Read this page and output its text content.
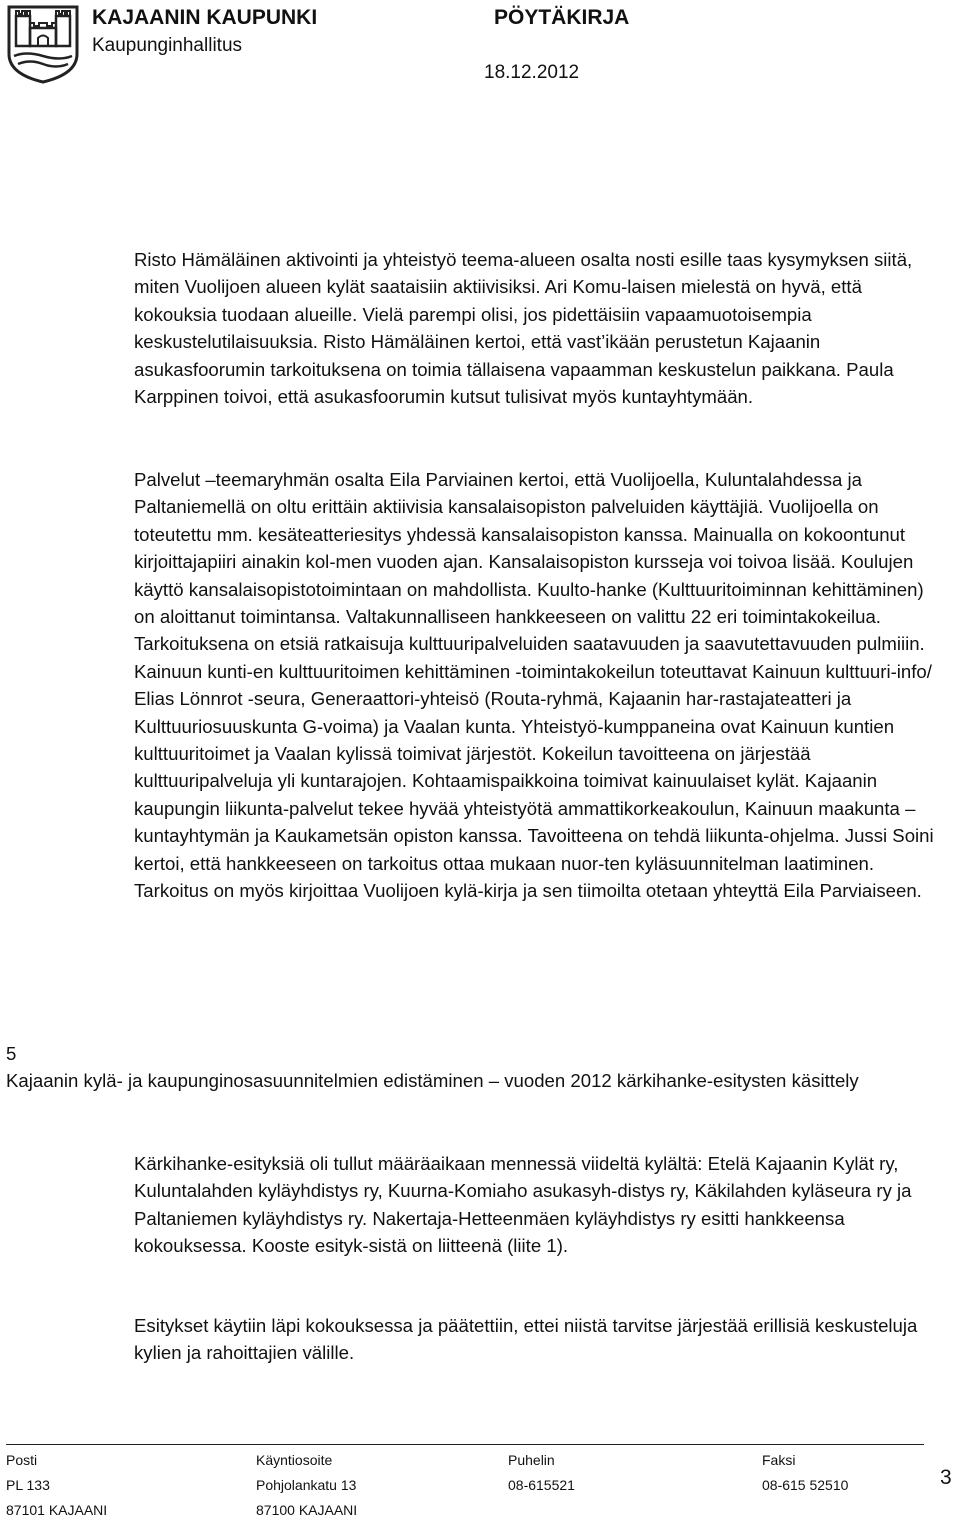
KAJAANIN KAUPUNKI
Kaupunginhallitus
PÖYTÄKIRJA
18.12.2012

Risto Hämäläinen aktivointi ja yhteistyö teema-alueen osalta nosti esille taas kysymyksen siitä, miten Vuolijoen alueen kylät saataisiin aktiivisiksi. Ari Komu-laisen mielestä on hyvä, että kokouksia tuodaan alueille. Vielä parempi olisi, jos pidettäisiin vapaamuotoisempia keskustelutilaisuuksia. Risto Hämäläinen kertoi, että vast’ikään perustetun Kajaanin asukasfoorumin tarkoituksena on toimia tällaisena vapaamman keskustelun paikkana. Paula Karppinen toivoi, että asukasfoorumin kutsut tulisivat myös kuntayhtymään.

Palvelut –teemaryhmän osalta Eila Parviainen kertoi, että Vuolijoella, Kuluntalahdessa ja Paltaniemellä on oltu erittäin aktiivisia kansalaisopiston palveluiden käyttäjiä. Vuolijoella on toteutettu mm. kesäteatteriesitys yhdessä kansalaisopiston kanssa. Mainualla on kokoontunut kirjoittajapiiri ainakin kol-men vuoden ajan. Kansalaisopiston kursseja voi toivoa lisää. Koulujen käyttö kansalaisopistotoimintaan on mahdollista. Kuulto-hanke (Kulttuuritoiminnan kehittäminen) on aloittanut toimintansa. Valtakunnalliseen hankkeeseen on valittu 22 eri toimintakokeilua. Tarkoituksena on etsiä ratkaisuja kulttuuripalveluiden saatavuuden ja saavutettavuuden pulmiiin. Kainuun kunti-en kulttuuritoimen kehittäminen -toimintakokeilun toteuttavat Kainuun kulttuuri-info/ Elias Lönnrot -seura, Generaattori-yhteisö (Routa-ryhmä, Kajaanin har-rastajateatteri ja Kulttuuriosuuskunta G-voima) ja Vaalan kunta. Yhteistyö-kumppaneina ovat Kainuun kuntien kulttuuritoimet ja Vaalan kylissä toimivat järjestöt. Kokeilun tavoitteena on järjestää kulttuuripalveluja yli kuntarajojen. Kohtaamispaikkoina toimivat kainuulaiset kylät. Kajaanin kaupungin liikunta-palvelut tekee hyvää yhteistyötä ammattikorkeakoulun, Kainuun maakunta –kuntayhtymän ja Kaukametsän opiston kanssa. Tavoitteena on tehdä liikunta-ohjelma. Jussi Soini kertoi, että hankkeeseen on tarkoitus ottaa mukaan nuor-ten kyläsuunnitelman laatiminen. Tarkoitus on myös kirjoittaa Vuolijoen kylä-kirja ja sen tiimoilta otetaan yhteyttä Eila Parviaiseen.

5

Kajaanin kylä- ja kaupunginosasuunnitelmien edistäminen – vuoden 2012 kärkihanke-esitysten käsittely

Kärkihanke-esityksiä oli tullut määräaikaan mennessä viideltä kylältä: Etelä Kajaanin Kylät ry, Kuluntalahden kyläyhdistys ry, Kuurna-Komiaho asukasyh-distys ry, Käkilahden kyläseura ry ja Paltaniemen kyläyhdistys ry. Nakertaja-Hetteenmäen kyläyhdistys ry esitti hankkeensa kokouksessa. Kooste esityk-sistä on liitteenä (liite 1).

Esitykset käytiin läpi kokouksessa ja päätettiin, ettei niistä tarvitse järjestää erillisiä keskusteluja kylien ja rahoittajien välille.

Posti
PL 133
87101 KAJAANI
Käyntiosoite
Pohjolankatu 13
87100 KAJAANI
Puhelin
08-615521
Faksi
08-615 52510	3
